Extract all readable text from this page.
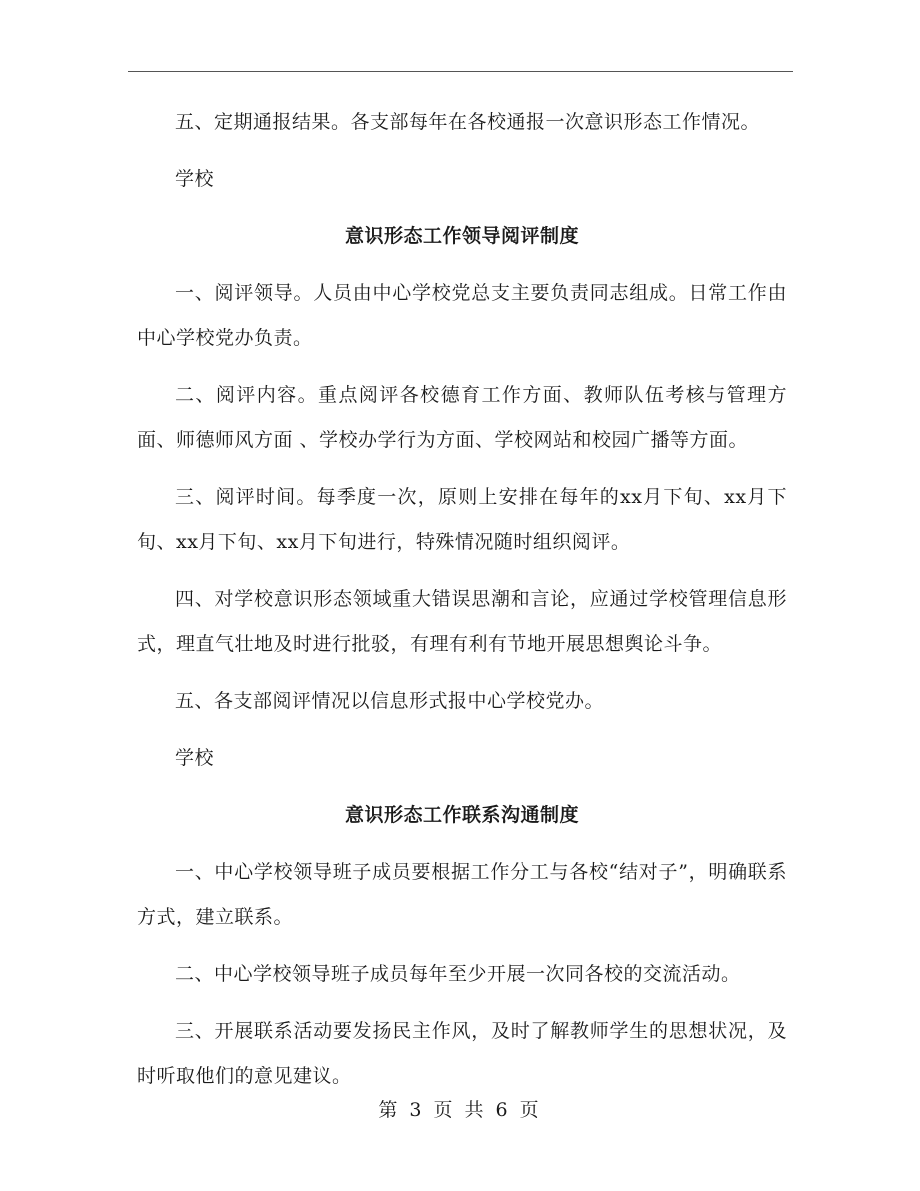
五、定期通报结果。各支部每年在各校通报一次意识形态工作情况。

学校

意识形态工作领导阅评制度

一、阅评领导。人员由中心学校党总支主要负责同志组成。日常工作由中心学校党办负责。

二、阅评内容。重点阅评各校德育工作方面、教师队伍考核与管理方面、师德师风方面 、学校办学行为方面、学校网站和校园广播等方面。

三、阅评时间。每季度一次，原则上安排在每年的xx月下旬、xx月下旬、xx月下旬、xx月下旬进行，特殊情况随时组织阅评。

四、对学校意识形态领域重大错误思潮和言论，应通过学校管理信息形式，理直气壮地及时进行批驳，有理有利有节地开展思想舆论斗争。

五、各支部阅评情况以信息形式报中心学校党办。

学校

意识形态工作联系沟通制度

一、中心学校领导班子成员要根据工作分工与各校“结对子”，明确联系方式，建立联系。

二、中心学校领导班子成员每年至少开展一次同各校的交流活动。

三、开展联系活动要发扬民主作风，及时了解教师学生的思想状况，及时听取他们的意见建议。

第 3 页 共 6 页
